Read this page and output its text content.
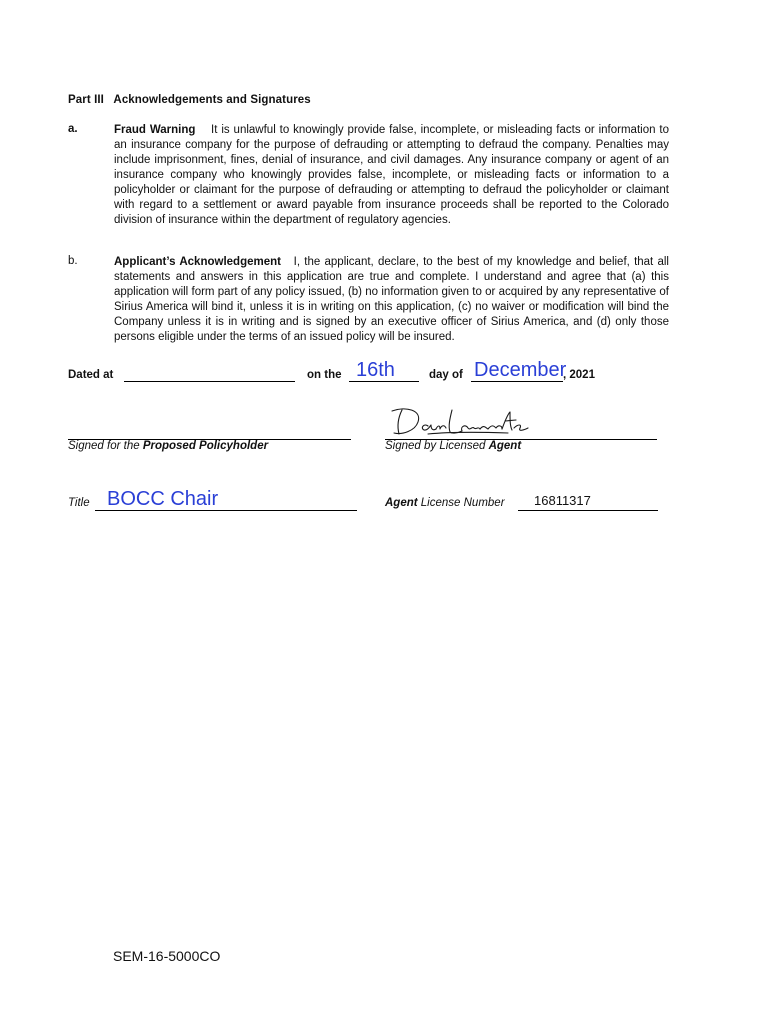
Part III   Acknowledgements and Signatures
a.	Fraud Warning It is unlawful to knowingly provide false, incomplete, or misleading facts or information to an insurance company for the purpose of defrauding or attempting to defraud the company. Penalties may include imprisonment, fines, denial of insurance, and civil damages. Any insurance company or agent of an insurance company who knowingly provides false, incomplete, or misleading facts or information to a policyholder or claimant for the purpose of defrauding or attempting to defraud the policyholder or claimant with regard to a settlement or award payable from insurance proceeds shall be reported to the Colorado division of insurance within the department of regulatory agencies.
b.	Applicant’s Acknowledgement I, the applicant, declare, to the best of my knowledge and belief, that all statements and answers in this application are true and complete. I understand and agree that (a) this application will form part of any policy issued, (b) no information given to or acquired by any representative of Sirius America will bind it, unless it is in writing on this application, (c) no waiver or modification will bind the Company unless it is in writing and is signed by an executive officer of Sirius America, and (d) only those persons eligible under the terms of an issued policy will be insured.
Dated at	on the 16th	day of December
, 2021
Signed for the Proposed Policyholder	Signed by Licensed Agent
Title BOCC Chair	Agent License Number 16811317
SEM-16-5000CO
